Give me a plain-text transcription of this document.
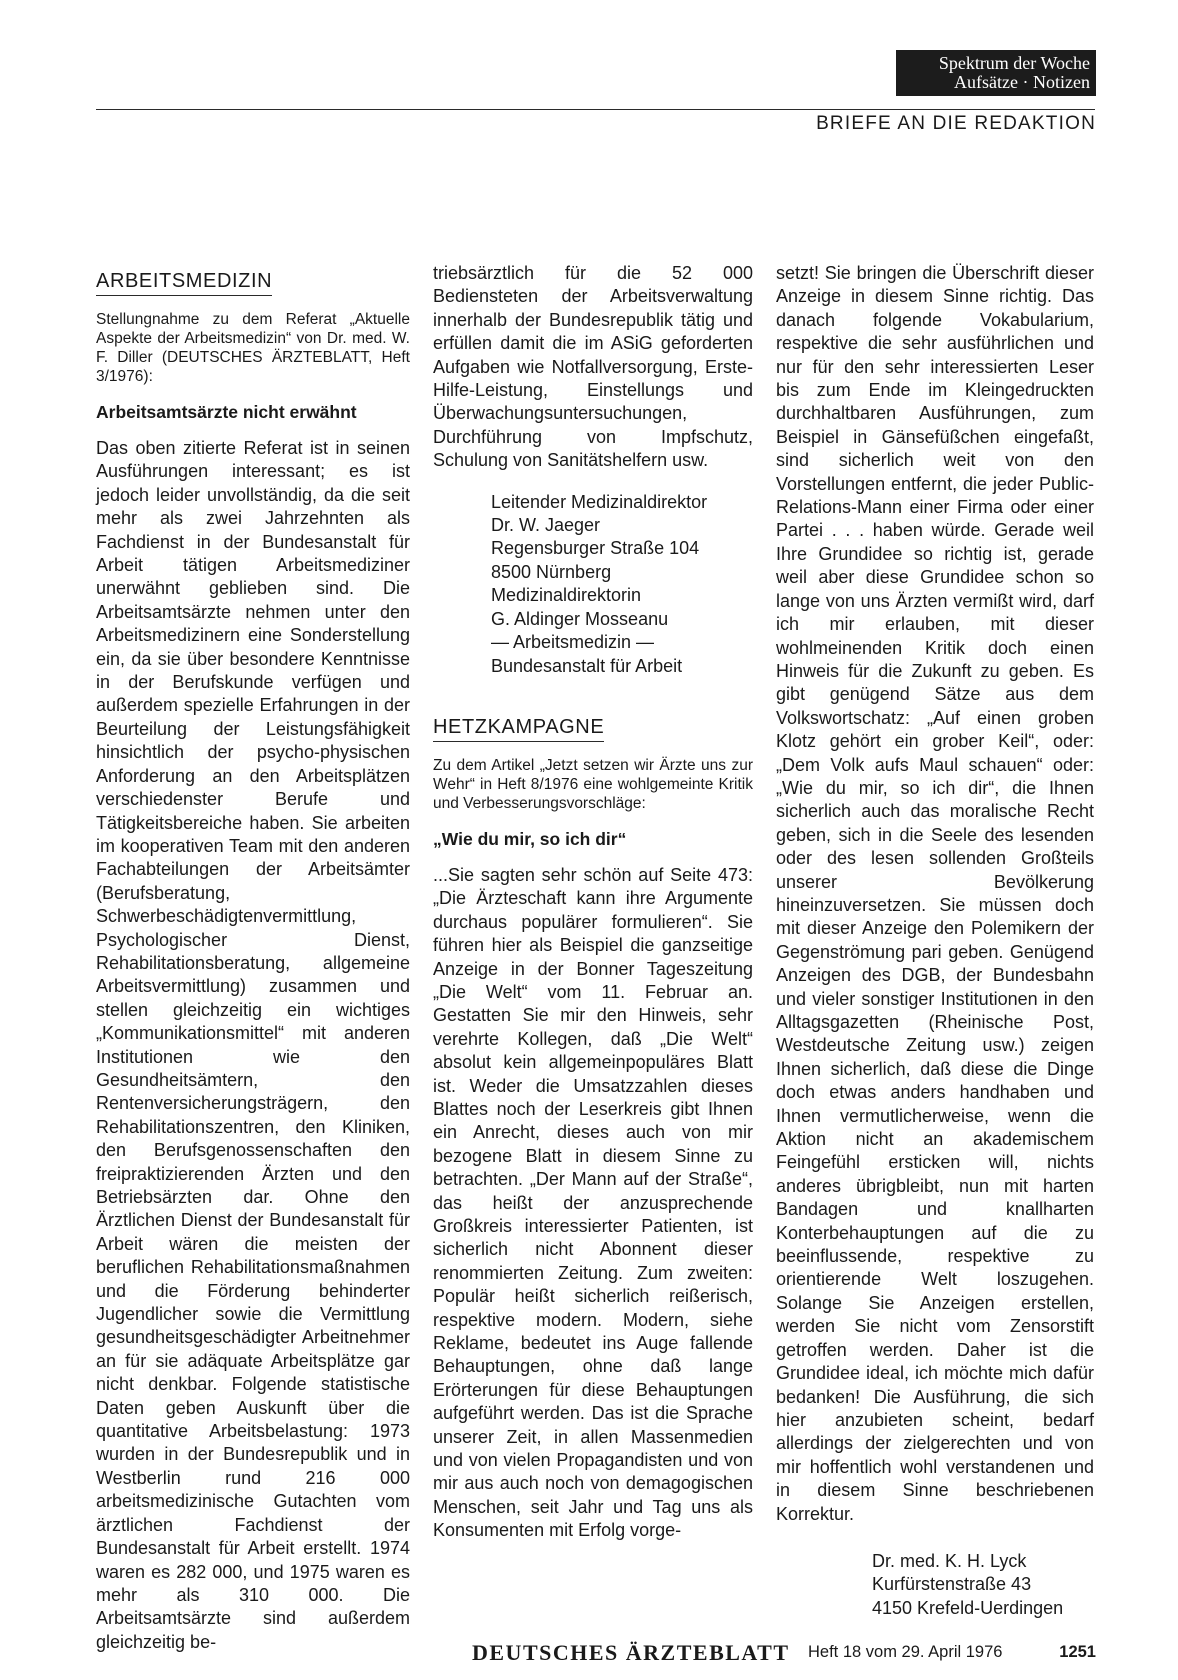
Spektrum der Woche
Aufsätze · Notizen
BRIEFE AN DIE REDAKTION
ARBEITSMEDIZIN

Stellungnahme zu dem Referat „Aktuelle Aspekte der Arbeitsmedizin“ von Dr. med. W. F. Diller (DEUTSCHES ÄRZTEBLATT, Heft 3/1976):

Arbeitsamtsärzte nicht erwähnt

Das oben zitierte Referat ist in seinen Ausführungen interessant; es ist jedoch leider unvollständig, da die seit mehr als zwei Jahrzehnten als Fachdienst in der Bundesanstalt für Arbeit tätigen Arbeitsmediziner unerwähnt geblieben sind. Die Arbeitsamtsärzte nehmen unter den Arbeitsmedizinern eine Sonderstellung ein, da sie über besondere Kenntnisse in der Berufskunde verfügen und außerdem spezielle Erfahrungen in der Beurteilung der Leistungsfähigkeit hinsichtlich der psycho-physischen Anforderung an den Arbeitsplätzen verschiedenster Berufe und Tätigkeitsbereiche haben. Sie arbeiten im kooperativen Team mit den anderen Fachabteilungen der Arbeitsämter (Berufsberatung, Schwerbeschädigtenvermittlung, Psychologischer Dienst, Rehabilitationsberatung, allgemeine Arbeitsvermittlung) zusammen und stellen gleichzeitig ein wichtiges „Kommunikationsmittel“ mit anderen Institutionen wie den Gesundheitsämtern, den Rentenversicherungsträgern, den Rehabilitationszentren, den Kliniken, den Berufsgenossenschaften den freipraktizierenden Ärzten und den Betriebsärzten dar. Ohne den Ärztlichen Dienst der Bundesanstalt für Arbeit wären die meisten der beruflichen Rehabilitationsmaßnahmen und die Förderung behinderter Jugendlicher sowie die Vermittlung gesundheitsgeschädigter Arbeitnehmer an für sie adäquate Arbeitsplätze gar nicht denkbar. Folgende statistische Daten geben Auskunft über die quantitative Arbeitsbelastung: 1973 wurden in der Bundesrepublik und in Westberlin rund 216 000 arbeitsmedizinische Gutachten vom ärztlichen Fachdienst der Bundesanstalt für Arbeit erstellt. 1974 waren es 282 000, und 1975 waren es mehr als 310 000. Die Arbeitsamtsärzte sind außerdem gleichzeitig be-

triebsärztlich für die 52 000 Bediensteten der Arbeitsverwaltung innerhalb der Bundesrepublik tätig und erfüllen damit die im ASiG geforderten Aufgaben wie Notfallversorgung, Erste-Hilfe-Leistung, Einstellungs und Überwachungsuntersuchungen, Durchführung von Impfschutz, Schulung von Sanitätshelfern usw.

Leitender Medizinaldirektor
Dr. W. Jaeger
Regensburger Straße 104
8500 Nürnberg
Medizinaldirektorin
G. Aldinger Mosseanu
— Arbeitsmedizin —
Bundesanstalt für Arbeit
HETZKAMPAGNE

Zu dem Artikel „Jetzt setzen wir Ärzte uns zur Wehr“ in Heft 8/1976 eine wohlgemeinte Kritik und Verbesserungsvorschläge:

„Wie du mir, so ich dir“

...Sie sagten sehr schön auf Seite 473: „Die Ärzteschaft kann ihre Argumente durchaus populärer formulieren“. Sie führen hier als Beispiel die ganzseitige Anzeige in der Bonner Tageszeitung „Die Welt“ vom 11. Februar an. Gestatten Sie mir den Hinweis, sehr verehrte Kollegen, daß „Die Welt“ absolut kein allgemeinpopuläres Blatt ist. Weder die Umsatzzahlen dieses Blattes noch der Leserkreis gibt Ihnen ein Anrecht, dieses auch von mir bezogene Blatt in diesem Sinne zu betrachten. „Der Mann auf der Straße“, das heißt der anzusprechende Großkreis interessierter Patienten, ist sicherlich nicht Abonnent dieser renommierten Zeitung. Zum zweiten: Populär heißt sicherlich reißerisch, respektive modern. Modern, siehe Reklame, bedeutet ins Auge fallende Behauptungen, ohne daß lange Erörterungen für diese Behauptungen aufgeführt werden. Das ist die Sprache unserer Zeit, in allen Massenmedien und von vielen Propagandisten und von mir aus auch noch von demagogischen Menschen, seit Jahr und Tag uns als Konsumenten mit Erfolg vorge-

setzt! Sie bringen die Überschrift dieser Anzeige in diesem Sinne richtig. Das danach folgende Vokabularium, respektive die sehr ausführlichen und nur für den sehr interessierten Leser bis zum Ende im Kleingedruckten durchhaltbaren Ausführungen, zum Beispiel in Gänsefüßchen eingefaßt, sind sicherlich weit von den Vorstellungen entfernt, die jeder Public-Relations-Mann einer Firma oder einer Partei . . . haben würde. Gerade weil Ihre Grundidee so richtig ist, gerade weil aber diese Grundidee schon so lange von uns Ärzten vermißt wird, darf ich mir erlauben, mit dieser wohlmeinenden Kritik doch einen Hinweis für die Zukunft zu geben. Es gibt genügend Sätze aus dem Volkswortschatz: „Auf einen groben Klotz gehört ein grober Keil“, oder: „Dem Volk aufs Maul schauen“ oder: „Wie du mir, so ich dir“, die Ihnen sicherlich auch das moralische Recht geben, sich in die Seele des lesenden oder des lesen sollenden Großteils unserer Bevölkerung hineinzuversetzen. Sie müssen doch mit dieser Anzeige den Polemikern der Gegenströmung pari geben. Genügend Anzeigen des DGB, der Bundesbahn und vieler sonstiger Institutionen in den Alltagsgazetten (Rheinische Post, Westdeutsche Zeitung usw.) zeigen Ihnen sicherlich, daß diese die Dinge doch etwas anders handhaben und Ihnen vermutlicherweise, wenn die Aktion nicht an akademischem Feingefühl ersticken will, nichts anderes übrigbleibt, nun mit harten Bandagen und knallharten Konterbehauptungen auf die zu beeinflussende, respektive zu orientierende Welt loszugehen. Solange Sie Anzeigen erstellen, werden Sie nicht vom Zensorstift getroffen werden. Daher ist die Grundidee ideal, ich möchte mich dafür bedanken! Die Ausführung, die sich hier anzubieten scheint, bedarf allerdings der zielgerechten und von mir hoffentlich wohl verstandenen und in diesem Sinne beschriebenen Korrektur.

Dr. med. K. H. Lyck
Kurfürstenstraße 43
4150 Krefeld-Uerdingen
DEUTSCHES ÄRZTEBLATT Heft 18 vom 29. April 1976	1251
